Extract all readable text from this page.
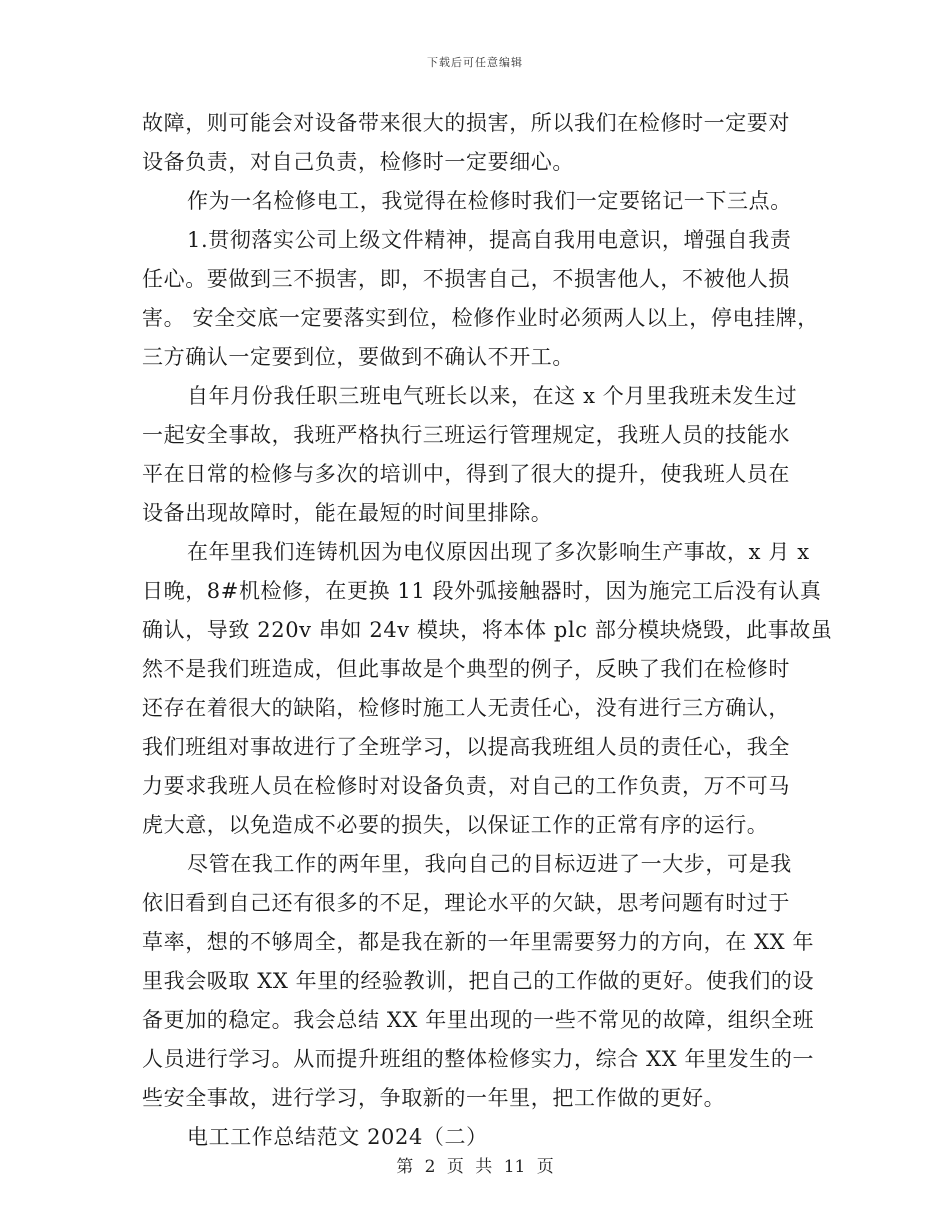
下载后可任意编辑
故障，则可能会对设备带来很大的损害，所以我们在检修时一定要对
设备负责，对自己负责，检修时一定要细心。
作为一名检修电工，我觉得在检修时我们一定要铭记一下三点。
1.贯彻落实公司上级文件精神，提高自我用电意识，增强自我责
任心。要做到三不损害，即，不损害自己，不损害他人，不被他人损
害。 安全交底一定要落实到位，检修作业时必须两人以上，停电挂牌，
三方确认一定要到位，要做到不确认不开工。
自年月份我任职三班电气班长以来，在这 x 个月里我班未发生过
一起安全事故，我班严格执行三班运行管理规定，我班人员的技能水
平在日常的检修与多次的培训中，得到了很大的提升，使我班人员在
设备出现故障时，能在最短的时间里排除。
在年里我们连铸机因为电仪原因出现了多次影响生产事故，x 月 x
日晚，8#机检修，在更换 11 段外弧接触器时，因为施完工后没有认真
确认，导致 220v 串如 24v 模块，将本体 plc 部分模块烧毁，此事故虽
然不是我们班造成，但此事故是个典型的例子，反映了我们在检修时
还存在着很大的缺陷，检修时施工人无责任心，没有进行三方确认，
我们班组对事故进行了全班学习，以提高我班组人员的责任心，我全
力要求我班人员在检修时对设备负责，对自己的工作负责，万不可马
虎大意，以免造成不必要的损失，以保证工作的正常有序的运行。
尽管在我工作的两年里，我向自己的目标迈进了一大步，可是我
依旧看到自己还有很多的不足，理论水平的欠缺，思考问题有时过于
草率，想的不够周全，都是我在新的一年里需要努力的方向，在 XX 年
里我会吸取 XX 年里的经验教训，把自己的工作做的更好。使我们的设
备更加的稳定。我会总结 XX 年里出现的一些不常见的故障，组织全班
人员进行学习。从而提升班组的整体检修实力，综合 XX 年里发生的一
些安全事故，进行学习，争取新的一年里，把工作做的更好。
电工工作总结范文 2024（二）
第 2 页 共 11 页
